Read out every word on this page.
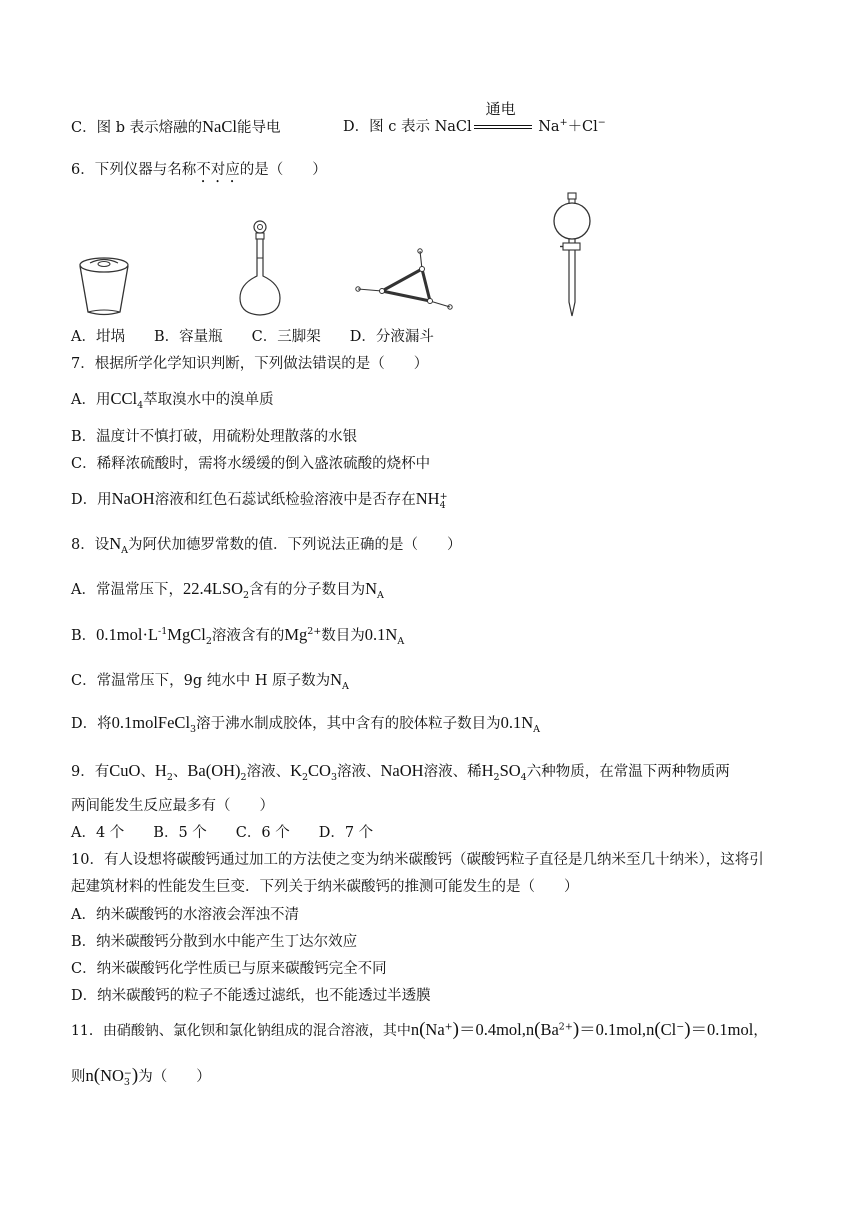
C．图 b 表示熔融的NaCl能导电	D．图 c 表示 NaCl
通电
Na+＋Cl−
6．下列仪器与名称不对应的是（　　）
A．坩埚　　B．容量瓶　　C．三脚架　　D．分液漏斗
7．根据所学化学知识判断，下列做法错误的是（　　）
A．用CCl$_4$萃取溴水中的溴单质
B．温度计不慎打破，用硫粉处理散落的水银
C．稀释浓硫酸时，需将水缓缓的倒入盛浓硫酸的烧杯中
D．用NaOH溶液和红色石蕊试纸检验溶液中是否存在NH +
4
8．设$N_A$为阿伏加德罗常数的值．下列说法正确的是（　　）
A．常温常压下，$22.4LSO_2$含有的分子数目为$N_A$
B．$0.1mol\cdot L^{-1}MgCl_2$溶液含有的$Mg^{2+}$数目为$0.1N_A$
C．常温常压下，9g 纯水中 H 原子数为$N_A$
D．将0.1molFeCl$_3$溶于沸水制成胶体，其中含有的胶体粒子数目为$0.1N_A$
9．有CuO、$H_2$、$Ba(OH)_2$溶液、$K_2CO_3$溶液、NaOH溶液、稀$H_2SO_4$六种物质，在常温下两种物质两
两间能发生反应最多有（　　）
A．4 个　　B．5 个　　C．6 个　　D．7 个
10．有人设想将碳酸钙通过加工的方法使之变为纳米碳酸钙（碳酸钙粒子直径是几纳米至几十纳米），这将引
起建筑材料的性能发生巨变．下列关于纳米碳酸钙的推测可能发生的是（　　）
A．纳米碳酸钙的水溶液会浑浊不清
B．纳米碳酸钙分散到水中能产生丁达尔效应
C．纳米碳酸钙化学性质已与原来碳酸钙完全不同
D．纳米碳酸钙的粒子不能透过滤纸，也不能透过半透膜
11．由硝酸钠、氯化钡和氯化钠组成的混合溶液，其中$n(Na^+)=0.4mol,n(Ba^{2+})=0.1mol,n(Cl^-)=0.1mol$，
则n(NO −
3 )为（　　）
